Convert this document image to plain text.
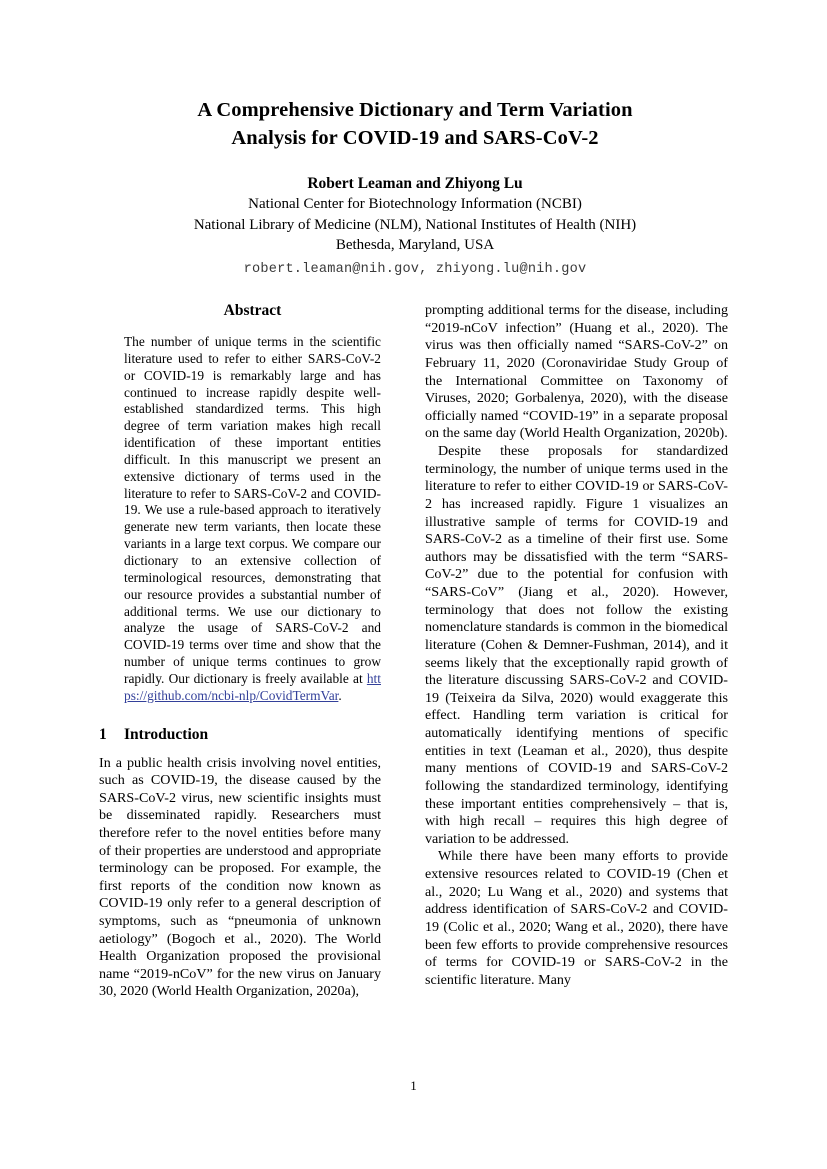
A Comprehensive Dictionary and Term Variation
Analysis for COVID-19 and SARS-CoV-2
Robert Leaman and Zhiyong Lu
National Center for Biotechnology Information (NCBI)
National Library of Medicine (NLM), National Institutes of Health (NIH)
Bethesda, Maryland, USA
robert.leaman@nih.gov, zhiyong.lu@nih.gov
Abstract

The number of unique terms in the scientific literature used to refer to either SARS-CoV-2 or COVID-19 is remarkably large and has continued to increase rapidly despite well-established standardized terms. This high degree of term variation makes high recall identification of these important entities difficult. In this manuscript we present an extensive dictionary of terms used in the literature to refer to SARS-CoV-2 and COVID-19. We use a rule-based approach to iteratively generate new term variants, then locate these variants in a large text corpus. We compare our dictionary to an extensive collection of terminological resources, demonstrating that our resource provides a substantial number of additional terms. We use our dictionary to analyze the usage of SARS-CoV-2 and COVID-19 terms over time and show that the number of unique terms continues to grow rapidly. Our dictionary is freely available at https://github.com/ncbi-nlp/CovidTermVar.

1 Introduction

In a public health crisis involving novel entities, such as COVID-19, the disease caused by the SARS-CoV-2 virus, new scientific insights must be disseminated rapidly. Researchers must therefore refer to the novel entities before many of their properties are understood and appropriate terminology can be proposed. For example, the first reports of the condition now known as COVID-19 only refer to a general description of symptoms, such as “pneumonia of unknown aetiology” (Bogoch et al., 2020). The World Health Organization proposed the provisional name “2019-nCoV” for the new virus on January 30, 2020 (World Health Organization, 2020a),

prompting additional terms for the disease, including “2019-nCoV infection” (Huang et al., 2020). The virus was then officially named “SARS-CoV-2” on February 11, 2020 (Coronaviridae Study Group of the International Committee on Taxonomy of Viruses, 2020; Gorbalenya, 2020), with the disease officially named “COVID-19” in a separate proposal on the same day (World Health Organization, 2020b).

Despite these proposals for standardized terminology, the number of unique terms used in the literature to refer to either COVID-19 or SARS-CoV-2 has increased rapidly. Figure 1 visualizes an illustrative sample of terms for COVID-19 and SARS-CoV-2 as a timeline of their first use. Some authors may be dissatisfied with the term “SARS-CoV-2” due to the potential for confusion with “SARS-CoV” (Jiang et al., 2020). However, terminology that does not follow the existing nomenclature standards is common in the biomedical literature (Cohen & Demner-Fushman, 2014), and it seems likely that the exceptionally rapid growth of the literature discussing SARS-CoV-2 and COVID-19 (Teixeira da Silva, 2020) would exaggerate this effect. Handling term variation is critical for automatically identifying mentions of specific entities in text (Leaman et al., 2020), thus despite many mentions of COVID-19 and SARS-CoV-2 following the standardized terminology, identifying these important entities comprehensively – that is, with high recall – requires this high degree of variation to be addressed.

While there have been many efforts to provide extensive resources related to COVID-19 (Chen et al., 2020; Lu Wang et al., 2020) and systems that address identification of SARS-CoV-2 and COVID-19 (Colic et al., 2020; Wang et al., 2020), there have been few efforts to provide comprehensive resources of terms for COVID-19 or SARS-CoV-2 in the scientific literature. Many

1
